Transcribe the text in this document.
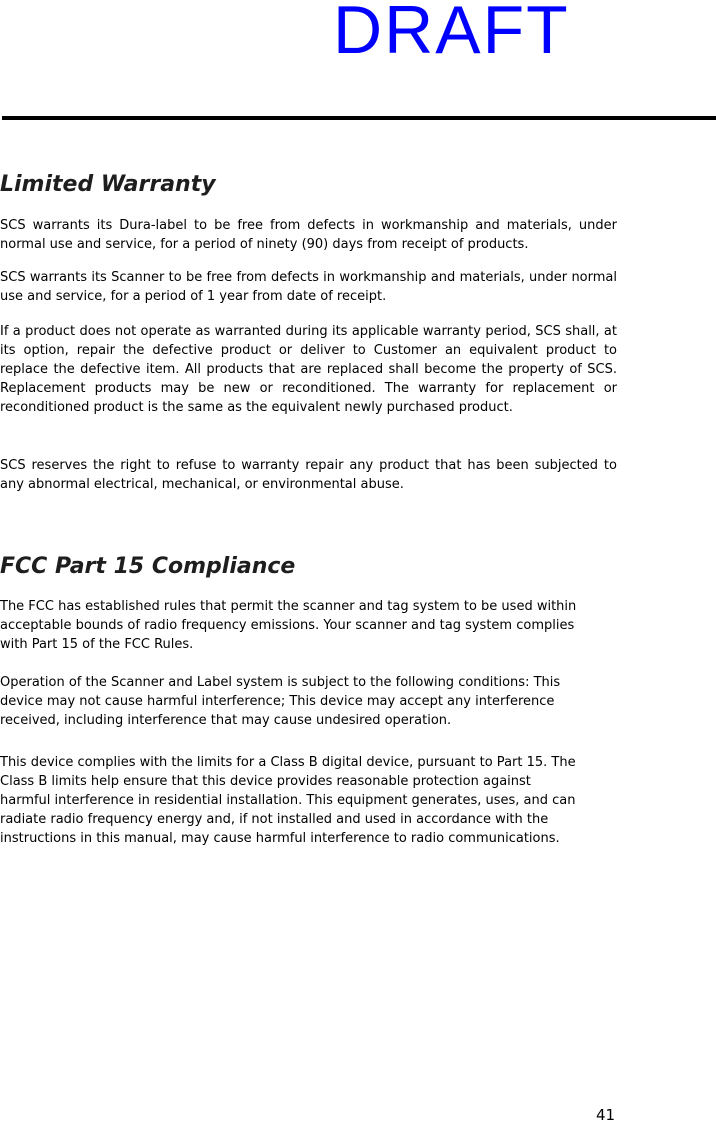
DRAFT
Limited Warranty

SCS warrants its Dura-label to be free from defects in workmanship and materials, under normal use and service, for a period of ninety (90) days from receipt of products.

SCS warrants its Scanner to be free from defects in workmanship and materials, under normal use and service, for a period of 1 year from date of receipt.

If a product does not operate as warranted during its applicable warranty period, SCS shall, at its option, repair the defective product or deliver to Customer an equivalent product to replace the defective item. All products that are replaced shall become the property of SCS. Replacement products may be new or reconditioned. The warranty for replacement or reconditioned product is the same as the equivalent newly purchased product.

SCS reserves the right to refuse to warranty repair any product that has been subjected to any abnormal electrical, mechanical, or environmental abuse.

FCC Part 15 Compliance

The FCC has established rules that permit the scanner and tag system to be used within
acceptable bounds of radio frequency emissions. Your scanner and tag system complies
with Part 15 of the FCC Rules.

Operation of the Scanner and Label system is subject to the following conditions: This
device may not cause harmful interference; This device may accept any interference
received, including interference that may cause undesired operation.

This device complies with the limits for a Class B digital device, pursuant to Part 15. The
Class B limits help ensure that this device provides reasonable protection against
harmful interference in residential installation. This equipment generates, uses, and can
radiate radio frequency energy and, if not installed and used in accordance with the
instructions in this manual, may cause harmful interference to radio communications.

41
